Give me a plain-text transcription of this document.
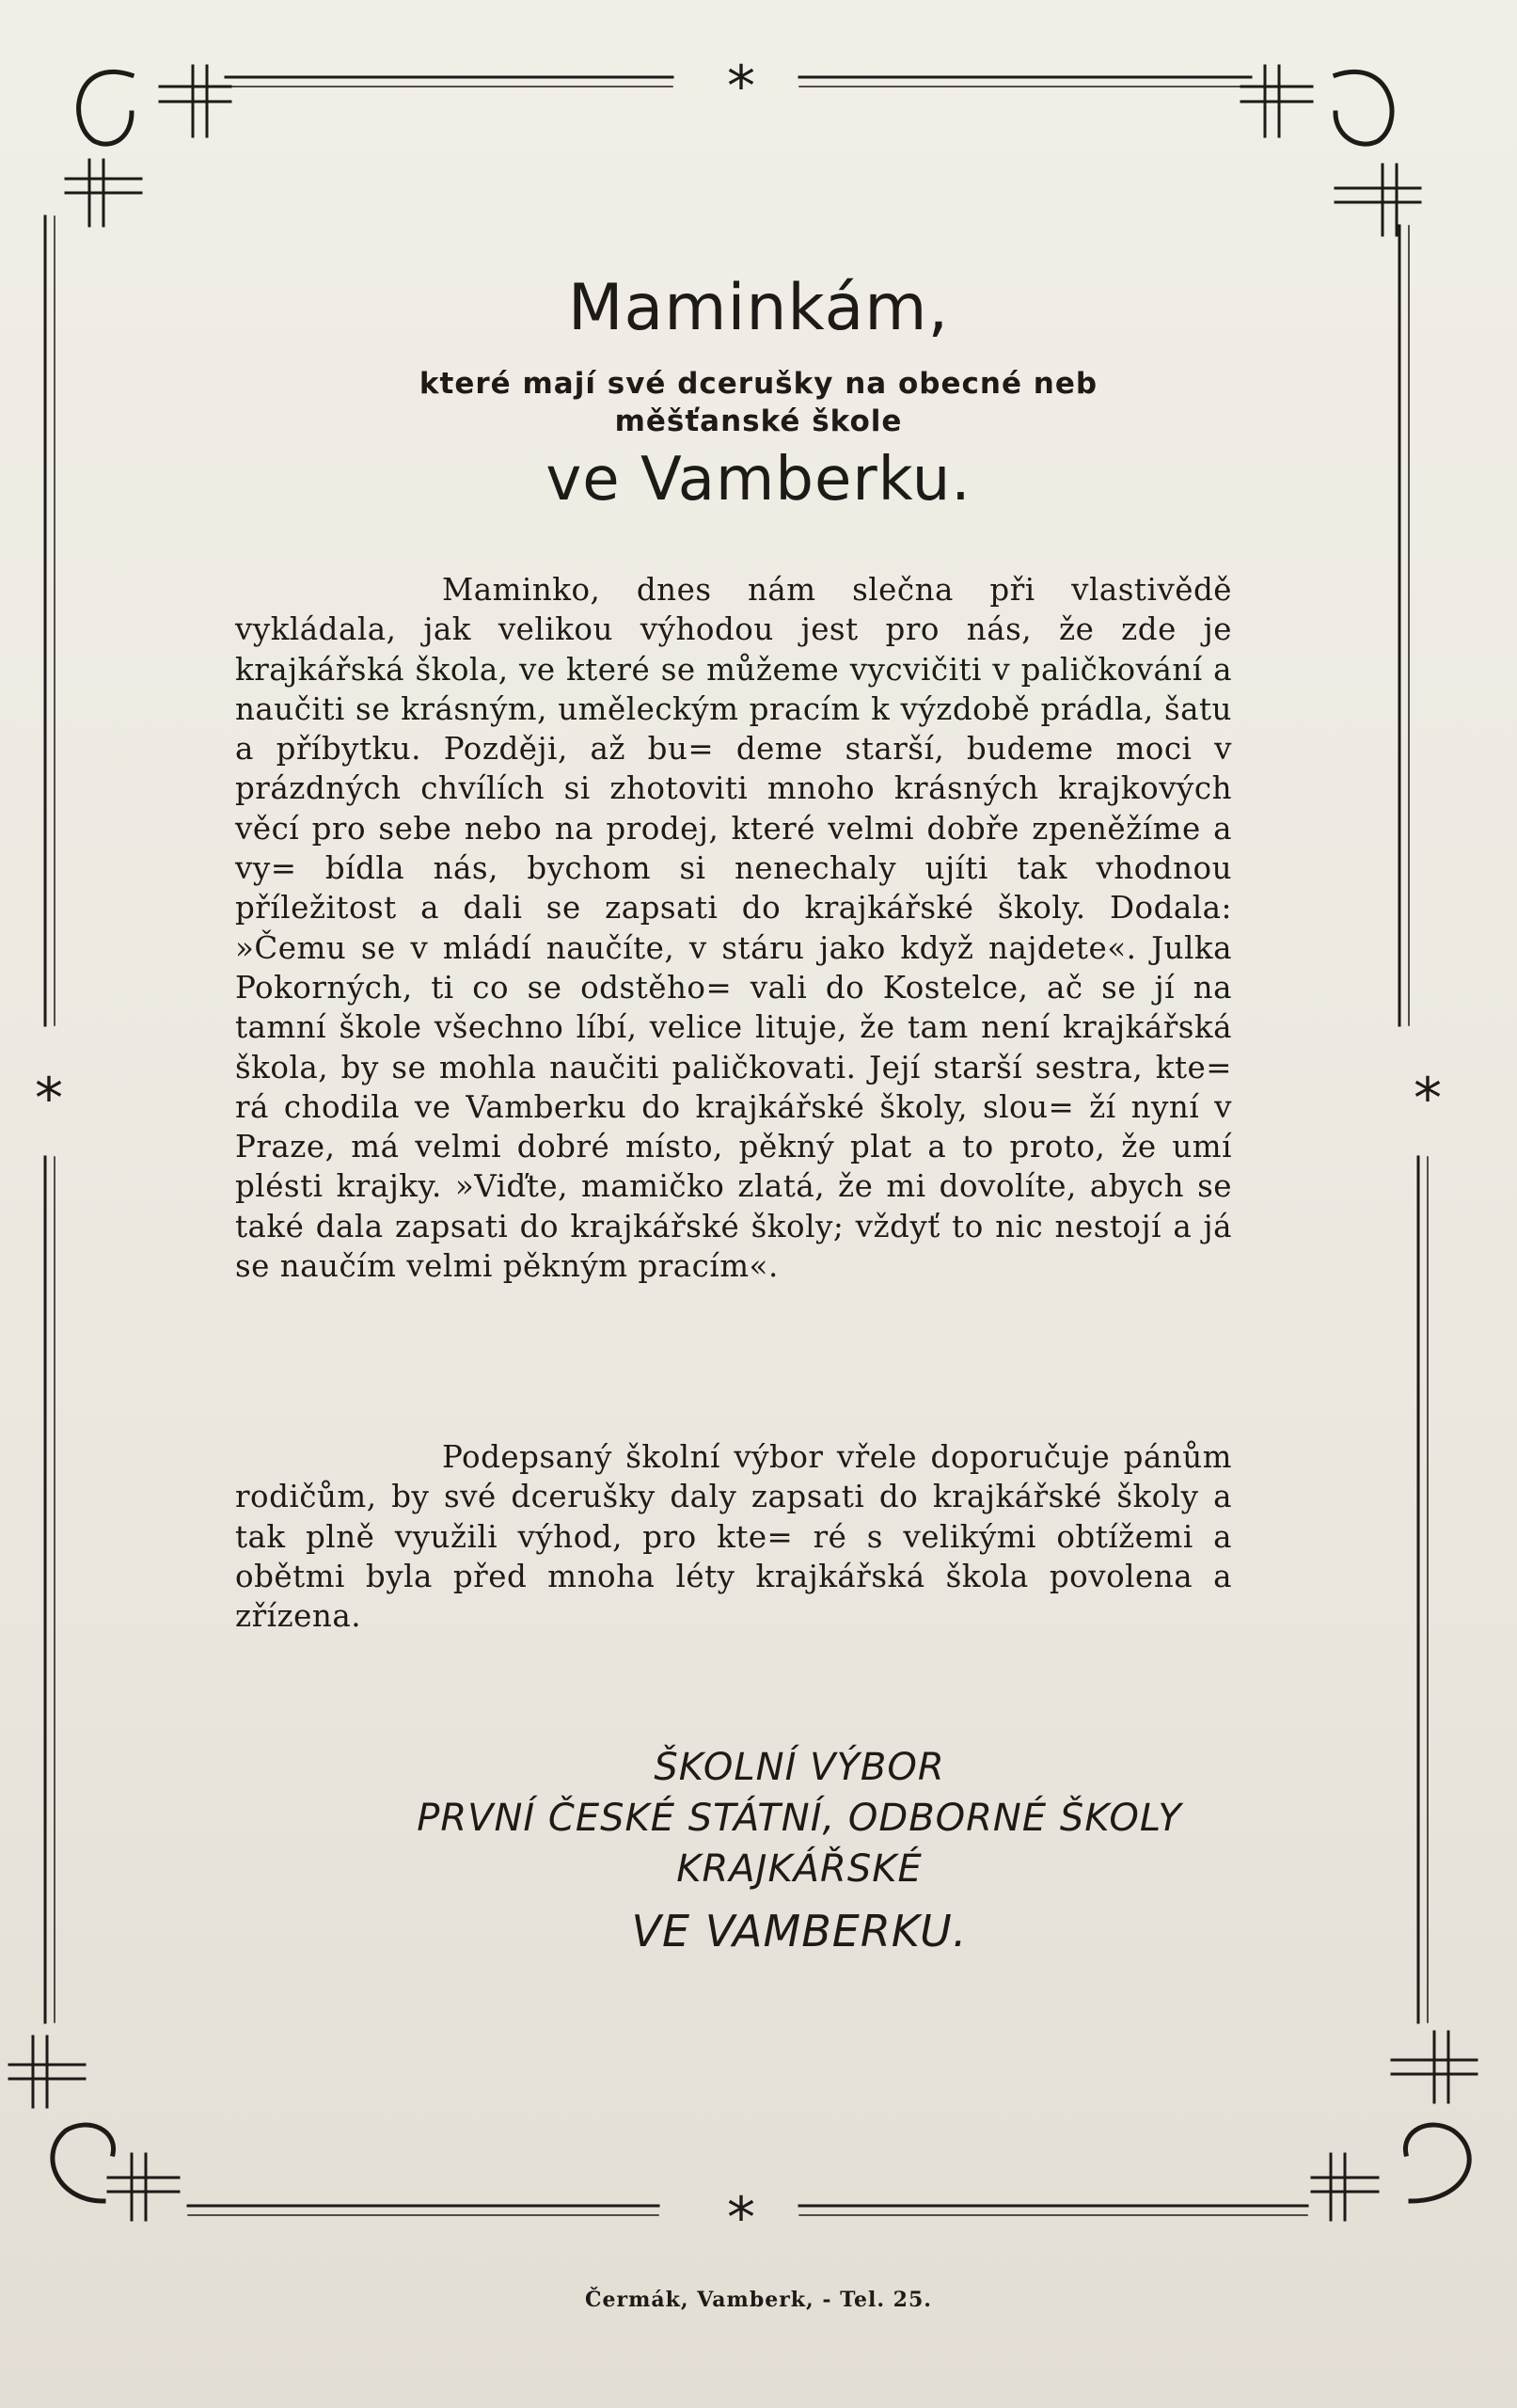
*
*
*	*
Maminkám,
které mají své dcerušky na obecné neb
měšťanské škole
ve Vamberku.

Maminko, dnes nám slečna při vlastivědě vykládala, jak velikou výhodou jest pro nás, že zde je krajkářská škola, ve které se můžeme vycvičiti v paličkování a naučiti se krásným, uměleckým pracím k výzdobě prádla, šatu a příbytku. Později, až bu= deme starší, budeme moci v prázdných chvílích si zhotoviti mnoho krásných krajkových věcí pro sebe nebo na prodej, které velmi dobře zpeněžíme a vy= bídla nás, bychom si nenechaly ujíti tak vhodnou příležitost a dali se zapsati do krajkářské školy. Dodala: »Čemu se v mládí naučíte, v stáru jako když najdete«. Julka Pokorných, ti co se odstěho= vali do Kostelce, ač se jí na tamní škole všechno líbí, velice lituje, že tam není krajkářská škola, by se mohla naučiti paličkovati. Její starší sestra, kte= rá chodila ve Vamberku do krajkářské školy, slou= ží nyní v Praze, má velmi dobré místo, pěkný plat a to proto, že umí plésti krajky. »Viďte, mamičko zlatá, že mi dovolíte, abych se také dala zapsati do krajkářské školy; vždyť to nic nestojí a já se naučím velmi pěkným pracím«.

Podepsaný školní výbor vřele doporučuje pánům rodičům, by své dcerušky daly zapsati do krajkářské školy a tak plně využili výhod, pro kte= ré s velikými obtížemi a obětmi byla před mnoha léty krajkářská škola povolena a zřízena.

ŠKOLNÍ VÝBOR
PRVNÍ ČESKÉ STÁTNÍ, ODBORNÉ ŠKOLY
KRAJKÁŘSKÉ
VE VAMBERKU.
Čermák, Vamberk, - Tel. 25.
